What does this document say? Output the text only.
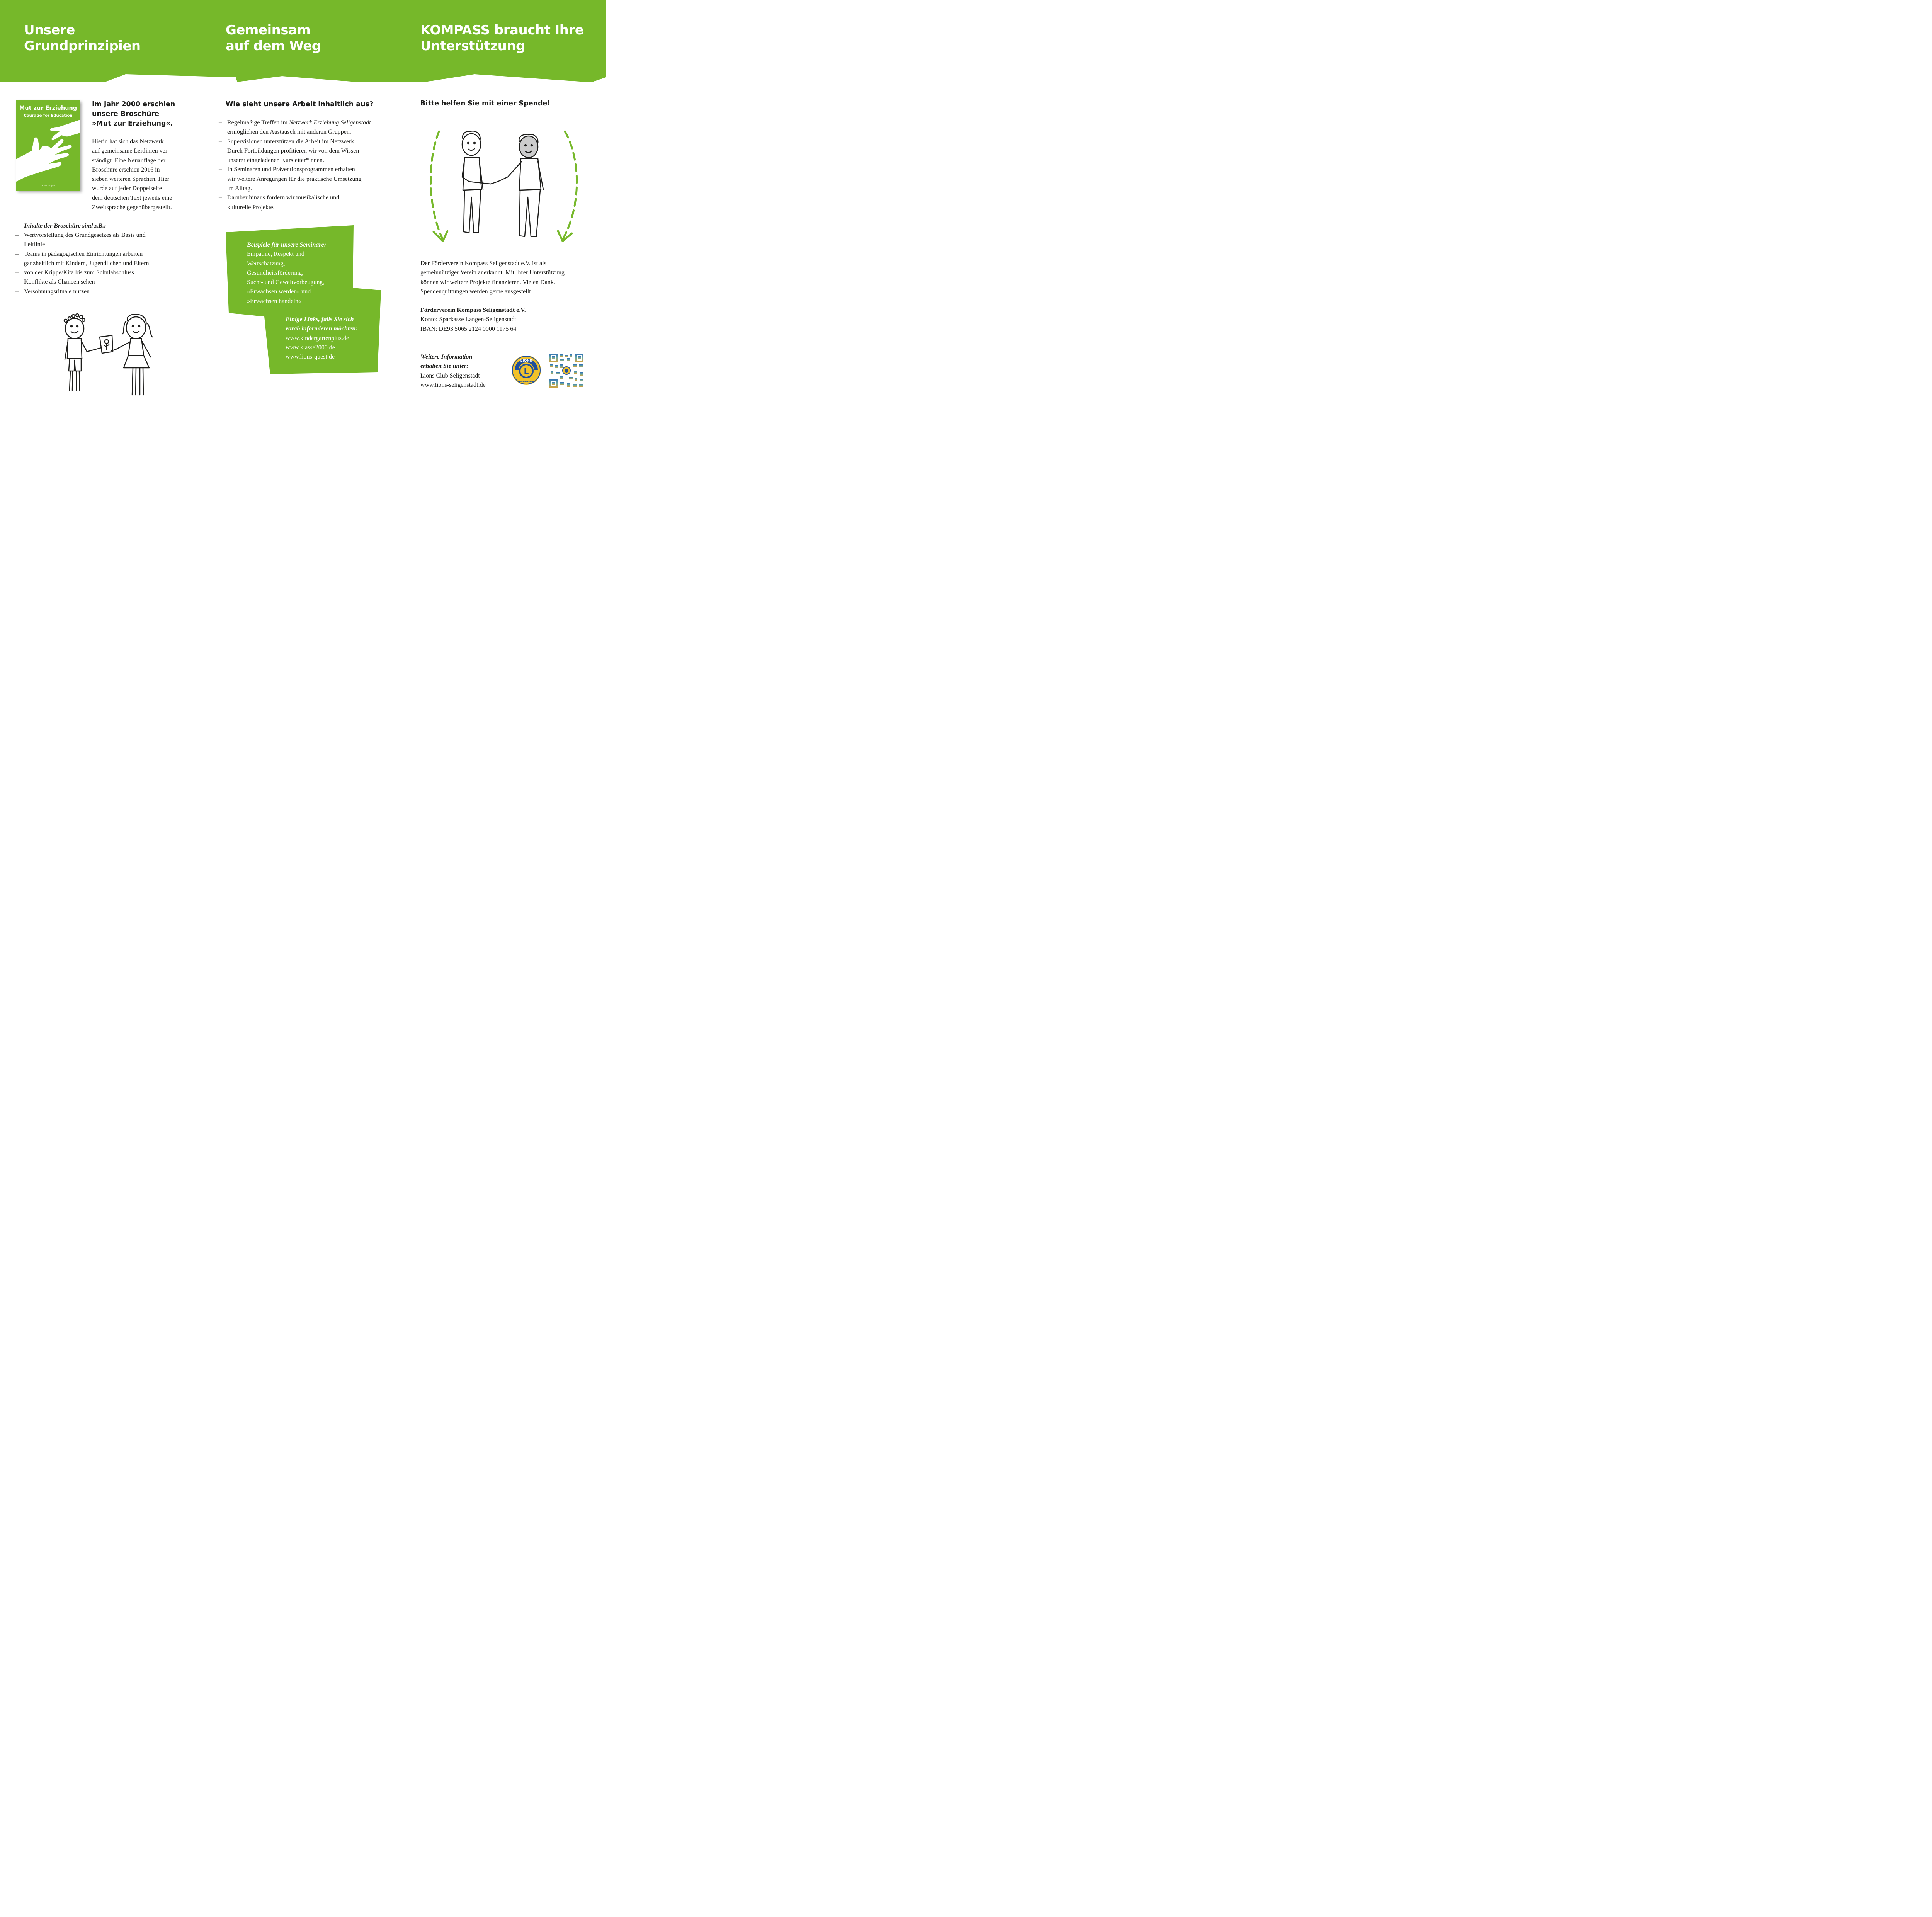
Unsere
Grundprinzipien
Gemeinsam
auf dem Weg
KOMPASS braucht Ihre
Unterstützung
Mut zur Erziehung
Courage for Education
Deutsch – Englisch
Im Jahr 2000 erschien
unsere Broschüre
»Mut zur Erziehung«.

Hierin hat sich das Netzwerk
auf gemeinsame Leitlinien ver-
ständigt. Eine Neuauflage der
Broschüre erschien 2016 in
sieben weiteren Sprachen. Hier
wurde auf jeder Doppelseite
dem deutschen Text jeweils eine
Zweitsprache gegenübergestellt.

Inhalte der Broschüre sind z.B.:

– Wertvorstellung des Grundgesetzes als Basis und
Leitlinie
– Teams in pädagogischen Einrichtungen arbeiten
ganzheitlich mit Kindern, Jugendlichen und Eltern
– von der Krippe/Kita bis zum Schulabschluss
– Konflikte als Chancen sehen
– Versöhnungsrituale nutzen
Wie sieht unsere Arbeit inhaltlich aus?
– Regelmäßige Treffen im Netzwerk Erziehung Seligenstadt
ermöglichen den Austausch mit anderen Gruppen.
– Supervisionen unterstützen die Arbeit im Netzwerk.
– Durch Fortbildungen profitieren wir von dem Wissen
unserer eingeladenen Kursleiter*innen.
– In Seminaren und Präventionsprogrammen erhalten
wir weitere Anregungen für die praktische Umsetzung
im Alltag.
– Darüber hinaus fördern wir musikalische und
kulturelle Projekte.

Beispiele für unsere Seminare:
Empathie, Respekt und
Wertschätzung,
Gesundheitsförderung,
Sucht- und Gewaltvorbeugung,
»Erwachsen werden« und
»Erwachsen handeln«

Einige Links, falls Sie sich
vorab informieren möchten:
www.kindergartenplus.de
www.klasse2000.de
www.lions-quest.de

Bitte helfen Sie mit einer Spende!

Der Förderverein Kompass Seligenstadt e.V. ist als
gemeinnütziger Verein anerkannt. Mit Ihrer Unterstützung
können wir weitere Projekte finanzieren. Vielen Dank.
Spendenquittungen werden gerne ausgestellt.

Förderverein Kompass Seligenstadt e.V.
Konto: Sparkasse Langen-Seligenstadt
IBAN: DE93 5065 2124 0000 1175 64

Weitere Information
erhalten Sie unter:
Lions Club Seligenstadt
www.lions-seligenstadt.de

L
LIONS
INTERNATIONAL
